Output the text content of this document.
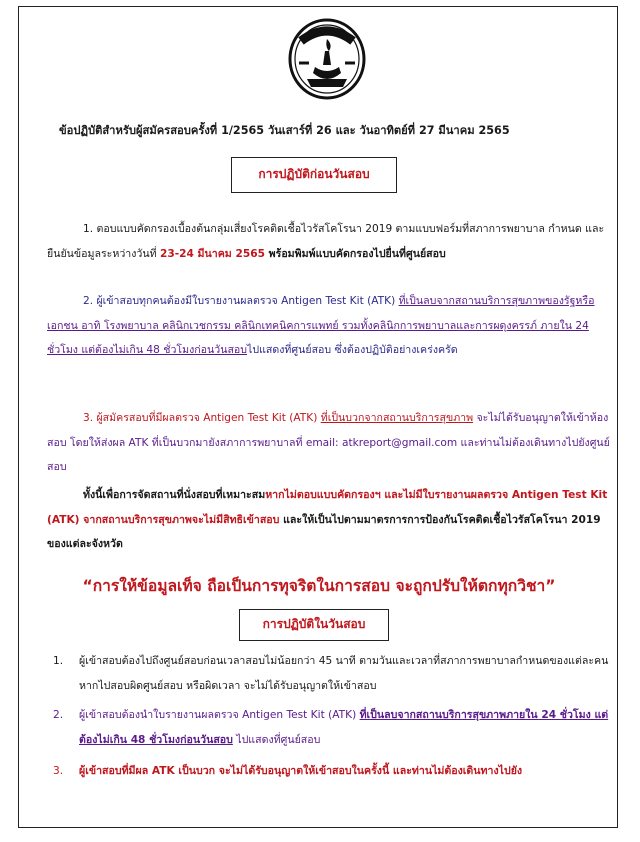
ข้อปฏิบัติสำหรับผู้สมัครสอบครั้งที่ 1/2565 วันเสาร์ที่ 26 และ วันอาทิตย์ที่ 27 มีนาคม 2565
การปฏิบัติก่อนวันสอบ
1. ตอบแบบคัดกรองเบื้องต้นกลุ่มเสี่ยงโรคติดเชื้อไวรัสโคโรนา 2019 ตามแบบฟอร์มที่สภาการพยาบาล กำหนด และยืนยันข้อมูลระหว่างวันที่ 23-24 มีนาคม 2565 พร้อมพิมพ์แบบคัดกรองไปยื่นที่ศูนย์สอบ
2. ผู้เข้าสอบทุกคนต้องมีใบรายงานผลตรวจ Antigen Test Kit (ATK) ที่เป็นลบจากสถานบริการสุขภาพของรัฐหรือเอกชน อาทิ โรงพยาบาล คลินิกเวชกรรม คลินิกเทคนิคการแพทย์ รวมทั้งคลินิกการพยาบาลและการผดุงครรภ์ ภายใน 24 ชั่วโมง แต่ต้องไม่เกิน 48 ชั่วโมงก่อนวันสอบไปแสดงที่ศูนย์สอบ ซึ่งต้องปฏิบัติอย่างเคร่งครัด
3. ผู้สมัครสอบที่มีผลตรวจ Antigen Test Kit (ATK) ที่เป็นบวกจากสถานบริการสุขภาพ จะไม่ได้รับอนุญาตให้เข้าห้องสอบ โดยให้ส่งผล ATK ที่เป็นบวกมายังสภาการพยาบาลที่ email: atkreport@gmail.com และท่านไม่ต้องเดินทางไปยังศูนย์สอบ
ทั้งนี้เพื่อการจัดสถานที่นั่งสอบที่เหมาะสมหากไม่ตอบแบบคัดกรองฯ และไม่มีใบรายงานผลตรวจ Antigen Test Kit (ATK) จากสถานบริการสุขภาพจะไม่มีสิทธิเข้าสอบ และให้เป็นไปตามมาตรการการป้องกันโรคติดเชื้อไวรัสโคโรนา 2019 ของแต่ละจังหวัด
“การให้ข้อมูลเท็จ ถือเป็นการทุจริตในการสอบ จะถูกปรับให้ตกทุกวิชา”
การปฏิบัติในวันสอบ
1.	ผู้เข้าสอบต้องไปถึงศูนย์สอบก่อนเวลาสอบไม่น้อยกว่า 45 นาที ตามวันและเวลาที่สภาการพยาบาลกำหนดของแต่ละคน หากไปสอบผิดศูนย์สอบ หรือผิดเวลา จะไม่ได้รับอนุญาตให้เข้าสอบ
2.	ผู้เข้าสอบต้องนำใบรายงานผลตรวจ Antigen Test Kit (ATK) ที่เป็นลบจากสถานบริการสุขภาพภายใน 24 ชั่วโมง แต่ต้องไม่เกิน 48 ชั่วโมงก่อนวันสอบ ไปแสดงที่ศูนย์สอบ
3.	ผู้เข้าสอบที่มีผล ATK เป็นบวก จะไม่ได้รับอนุญาตให้เข้าสอบในครั้งนี้ และท่านไม่ต้องเดินทางไปยัง
